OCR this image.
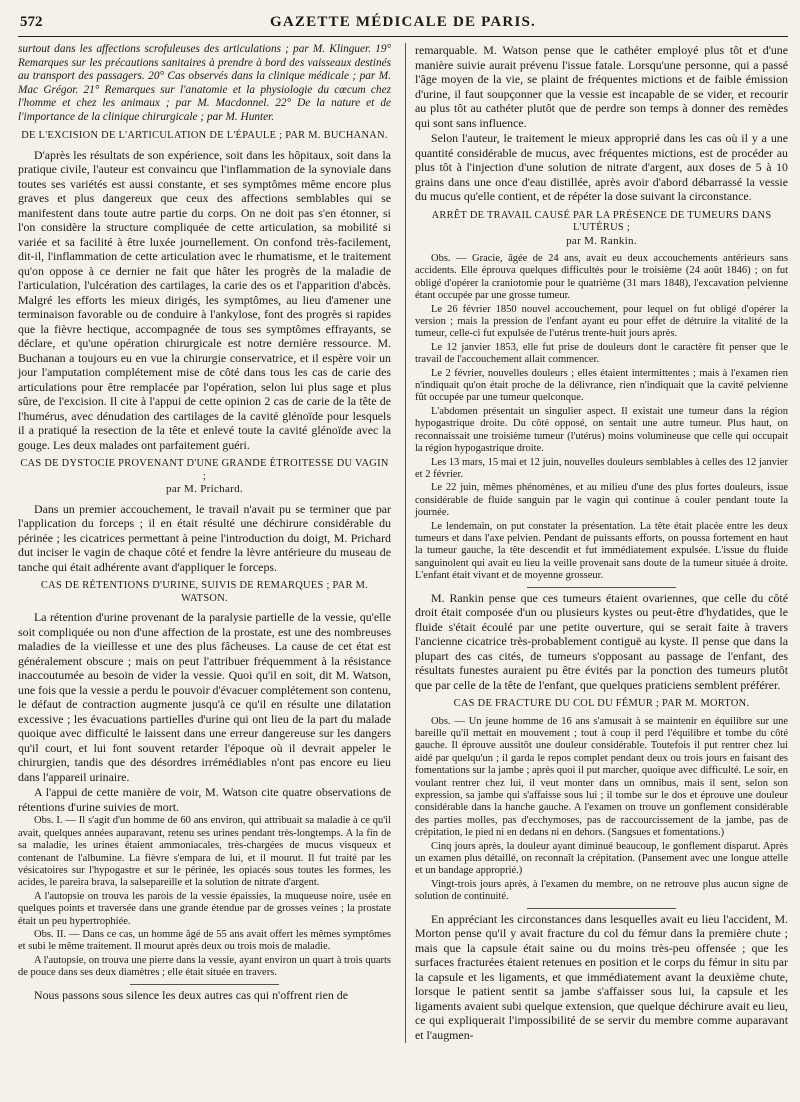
572	GAZETTE MÉDICALE DE PARIS.

surtout dans les affections scrofuleuses des articulations ; par M. Klinguer. 19° Remarques sur les précautions sanitaires à prendre à bord des vaisseaux destinés au transport des passagers. 20° Cas observés dans la clinique médicale ; par M. Mac Grégor. 21° Remarques sur l'anatomie et la physiologie du cœcum chez l'homme et chez les animaux ; par M. Macdonnel. 22° De la nature et de l'importance de la clinique chirurgicale ; par M. Hunter.

DE L'EXCISION DE L'ARTICULATION DE L'ÉPAULE ; PAR M. BUCHANAN.

D'après les résultats de son expérience, soit dans les hôpitaux, soit dans la pratique civile, l'auteur est convaincu que l'inflammation de la synoviale dans toutes ses variétés est aussi constante, et ses symptômes même encore plus graves et plus dangereux que ceux des affections semblables qui se manifestent dans toute autre partie du corps. On ne doit pas s'en étonner, si l'on considère la structure compliquée de cette articulation, sa mobilité si variée et sa facilité à être luxée journellement. On confond très-facilement, dit-il, l'inflammation de cette articulation avec le rhumatisme, et le traitement qu'on oppose à ce dernier ne fait que hâter les progrès de la maladie de l'articulation, l'ulcération des cartilages, la carie des os et l'apparition d'abcès. Malgré les efforts les mieux dirigés, les symptômes, au lieu d'amener une terminaison favorable ou de conduire à l'ankylose, font des progrès si rapides que la fièvre hectique, accompagnée de tous ses symptômes effrayants, se déclare, et qu'une opération chirurgicale est notre dernière ressource. M. Buchanan a toujours eu en vue la chirurgie conservatrice, et il espère voir un jour l'amputation complétement mise de côté dans tous les cas de carie des articulations pour être remplacée par l'opération, selon lui plus sage et plus sûre, de l'excision. Il cite à l'appui de cette opinion 2 cas de carie de la tête de l'humérus, avec dénudation des cartilages de la cavité glénoïde pour lesquels il a pratiqué la resection de la tête et enlevé toute la cavité glénoïde avec la gouge. Les deux malades ont parfaitement guéri.

CAS DE DYSTOCIE PROVENANT D'UNE GRANDE ÉTROITESSE DU VAGIN ;
par M. Prichard.

Dans un premier accouchement, le travail n'avait pu se terminer que par l'application du forceps ; il en était résulté une déchirure considérable du périnée ; les cicatrices permettant à peine l'introduction du doigt, M. Prichard dut inciser le vagin de chaque côté et fendre la lèvre antérieure du museau de tanche qui était adhérente avant d'appliquer le forceps.

CAS DE RÉTENTIONS D'URINE, SUIVIS DE REMARQUES ; PAR M. WATSON.

La rétention d'urine provenant de la paralysie partielle de la vessie, qu'elle soit compliquée ou non d'une affection de la prostate, est une des nombreuses maladies de la vieillesse et une des plus fâcheuses. La cause de cet état est généralement obscure ; mais on peut l'attribuer fréquemment à la résistance inaccoutumée au besoin de vider la vessie. Quoi qu'il en soit, dit M. Watson, une fois que la vessie a perdu le pouvoir d'évacuer complétement son contenu, le défaut de contraction augmente jusqu'à ce qu'il en résulte une dilatation excessive ; les évacuations partielles d'urine qui ont lieu de la part du malade quoique avec difficulté le laissent dans une erreur dangereuse sur les dangers qu'il court, et lui font souvent retarder l'époque où il devrait appeler le chirurgien, tandis que des désordres irrémédiables n'ont pas encore eu lieu dans l'appareil urinaire.

A l'appui de cette manière de voir, M. Watson cite quatre observations de rétentions d'urine suivies de mort.

Obs. I. — Il s'agit d'un homme de 60 ans environ, qui attribuait sa maladie à ce qu'il avait, quelques années auparavant, retenu ses urines pendant très-longtemps. A la fin de sa maladie, les urines étaient ammoniacales, très-chargées de mucus visqueux et contenant de l'albumine. La fièvre s'empara de lui, et il mourut. Il fut traité par les vésicatoires sur l'hypogastre et sur le périnée, les opiacés sous toutes les formes, les acides, le pareira brava, la salsepareille et la solution de nitrate d'argent.

A l'autopsie on trouva les parois de la vessie épaissies, la muqueuse noire, usée en quelques points et traversée dans une grande étendue par de grosses veines ; la prostate était un peu hypertrophiée.

Obs. II. — Dans ce cas, un homme âgé de 55 ans avait offert les mêmes symptômes et subi le même traitement. Il mourut après deux ou trois mois de maladie.

A l'autopsie, on trouva une pierre dans la vessie, ayant environ un quart à trois quarts de pouce dans ses deux diamètres ; elle était située en travers.

Nous passons sous silence les deux autres cas qui n'offrent rien de

remarquable. M. Watson pense que le cathéter employé plus tôt et d'une manière suivie aurait prévenu l'issue fatale. Lorsqu'une personne, qui a passé l'âge moyen de la vie, se plaint de fréquentes mictions et de faible émission d'urine, il faut soupçonner que la vessie est incapable de se vider, et recourir au plus tôt au cathéter plutôt que de perdre son temps à donner des remèdes qui sont sans influence.

Selon l'auteur, le traitement le mieux approprié dans les cas où il y a une quantité considérable de mucus, avec fréquentes mictions, est de procéder au plus tôt à l'injection d'une solution de nitrate d'argent, aux doses de 5 à 10 grains dans une once d'eau distillée, après avoir d'abord débarrassé la vessie du mucus qu'elle contient, et de répéter la dose suivant la circonstance.

ARRÊT DE TRAVAIL CAUSÉ PAR LA PRÉSENCE DE TUMEURS DANS L'UTÉRUS ;
par M. Rankin.

Obs. — Gracie, âgée de 24 ans, avait eu deux accouchements antérieurs sans accidents. Elle éprouva quelques difficultés pour le troisième (24 août 1846) ; on fut obligé d'opérer la craniotomie pour le quatrième (31 mars 1848), l'excavation pelvienne étant occupée par une grosse tumeur.

Le 26 février 1850 nouvel accouchement, pour lequel on fut obligé d'opérer la version ; mais la pression de l'enfant ayant eu pour effet de détruire la vitalité de la tumeur, celle-ci fut expulsée de l'utérus trente-huit jours après.

Le 12 janvier 1853, elle fut prise de douleurs dont le caractère fit penser que le travail de l'accouchement allait commencer.

Le 2 février, nouvelles douleurs ; elles étaient intermittentes ; mais à l'examen rien n'indiquait qu'on était proche de la délivrance, rien n'indiquait que la cavité pelvienne fût occupée par une tumeur quelconque.

L'abdomen présentait un singulier aspect. Il existait une tumeur dans la région hypogastrique droite. Du côté opposé, on sentait une autre tumeur. Plus haut, on reconnaissait une troisième tumeur (l'utérus) moins volumineuse que celle qui occupait la région hypogastrique droite.

Les 13 mars, 15 mai et 12 juin, nouvelles douleurs semblables à celles des 12 janvier et 2 février.

Le 22 juin, mêmes phénomènes, et au milieu d'une des plus fortes douleurs, issue considérable de fluide sanguin par le vagin qui continue à couler pendant toute la journée.

Le lendemain, on put constater la présentation. La tête était placée entre les deux tumeurs et dans l'axe pelvien. Pendant de puissants efforts, on poussa fortement en haut la tumeur gauche, la tête descendit et fut immédiatement expulsée. L'issue du fluide sanguinolent qui avait eu lieu la veille provenait sans doute de la tumeur située à droite. L'enfant était vivant et de moyenne grosseur.

M. Rankin pense que ces tumeurs étaient ovariennes, que celle du côté droit était composée d'un ou plusieurs kystes ou peut-être d'hydatides, que le fluide s'était écoulé par une petite ouverture, qui se serait faite à travers l'ancienne cicatrice très-probablement contiguë au kyste. Il pense que dans la plupart des cas cités, de tumeurs s'opposant au passage de l'enfant, des résultats funestes auraient pu être évités par la ponction des tumeurs plutôt que par celle de la tête de l'enfant, que quelques praticiens semblent préférer.

CAS DE FRACTURE DU COL DU FÉMUR ; PAR M. MORTON.

Obs. — Un jeune homme de 16 ans s'amusait à se maintenir en équilibre sur une bareille qu'il mettait en mouvement ; tout à coup il perd l'équilibre et tombe du côté gauche. Il éprouve aussitôt une douleur considérable. Toutefois il put rentrer chez lui aidé par quelqu'un ; il garda le repos complet pendant deux ou trois jours en faisant des fomentations sur la jambe ; après quoi il put marcher, quoique avec difficulté. Le soir, en voulant rentrer chez lui, il veut monter dans un omnibus, mais il sent, selon son expression, sa jambe qui s'affaisse sous lui ; il tombe sur le dos et éprouve une douleur considérable dans la hanche gauche. A l'examen on trouve un gonflement considérable des parties molles, pas d'ecchymoses, pas de raccourcissement de la jambe, pas de crépitation, le pied ni en dedans ni en dehors. (Sangsues et fomentations.)

Cinq jours après, la douleur ayant diminué beaucoup, le gonflement disparut. Après un examen plus détaillé, on reconnaît la crépitation. (Pansement avec une longue attelle et un bandage approprié.)

Vingt-trois jours après, à l'examen du membre, on ne retrouve plus aucun signe de solution de continuité.

En appréciant les circonstances dans lesquelles avait eu lieu l'accident, M. Morton pense qu'il y avait fracture du col du fémur dans la première chute ; mais que la capsule était saine ou du moins très-peu offensée ; que les surfaces fracturées étaient retenues en position et le corps du fémur in situ par la capsule et les ligaments, et que immédiatement avant la deuxième chute, lorsque le patient sentit sa jambe s'affaisser sous lui, la capsule et les ligaments avaient subi quelque extension, que quelque déchirure avait eu lieu, ce qui expliquerait l'impossibilité de se servir du membre comme auparavant et l'augmen-
